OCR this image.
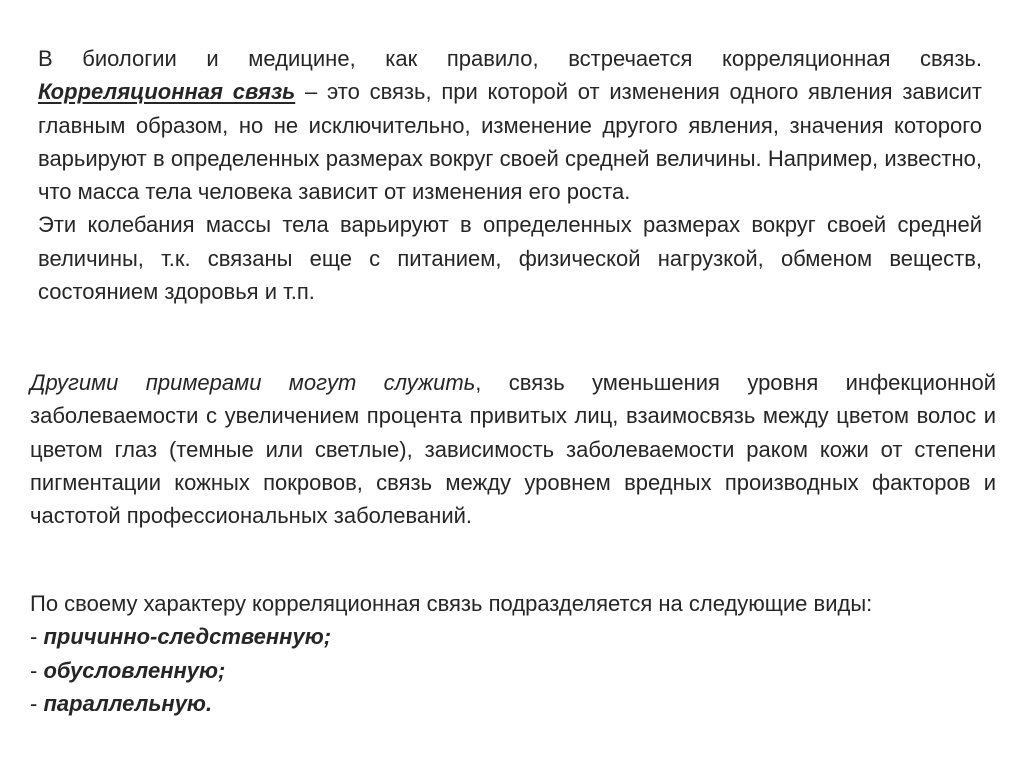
В биологии и медицине, как правило, встречается корреляционная связь. Корреляционная связь – это связь, при которой от изменения одного явления зависит главным образом, но не исключительно, изменение другого явления, значения которого варьируют в определенных размерах вокруг своей средней величины. Например, известно, что масса тела человека зависит от изменения его роста.

Эти колебания массы тела варьируют в определенных размерах вокруг своей средней величины, т.к. связаны еще с питанием, физической нагрузкой, обменом веществ, состоянием здоровья и т.п.

Другими примерами могут служить, связь уменьшения уровня инфекционной заболеваемости с увеличением процента привитых лиц, взаимосвязь между цветом волос и цветом глаз (темные или светлые), зависимость заболеваемости раком кожи от степени пигментации кожных покровов, связь между уровнем вредных производных факторов и частотой профессиональных заболеваний.

По своему характеру корреляционная связь подразделяется на следующие виды:

- причинно-следственную;

- обусловленную;

- параллельную.
